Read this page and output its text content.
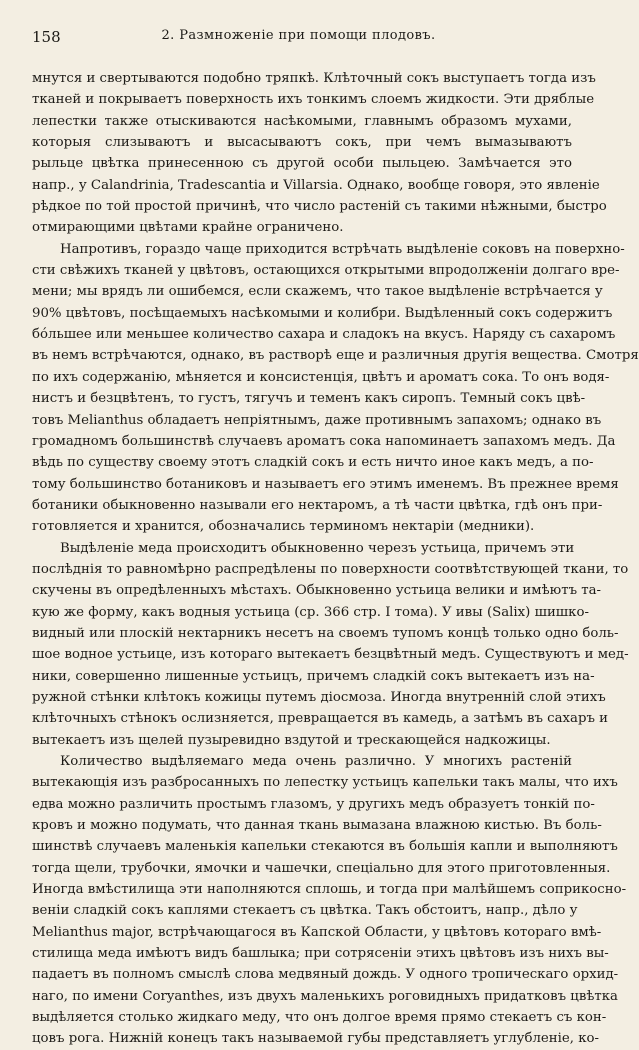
158	2. Размноженіе при помощи плодовъ.
мнутся и свертываются подобно тряпкѣ. Клѣточный сокъ выступаетъ тогда изъ
тканей и покрываетъ поверхность ихъ тонкимъ слоемъ жидкости. Эти дряблые
лепестки также отыскиваются насѣкомыми, главнымъ образомъ мухами,
которыя слизываютъ и высасываютъ сокъ, при чемъ вымазываютъ
рыльце цвѣтка принесенною съ другой особи пыльцею. Замѣчается это
напр., у Calandrinia, Tradescantia и Villarsia. Однако, вообще говоря, это явленіе
рѣдкое по той простой причинѣ, что число растеній съ такими нѣжными, быстро
отмирающими цвѣтами крайне ограничено.
Напротивъ, гораздо чаще приходится встрѣчать выдѣленіе соковъ на поверхно-
сти свѣжихъ тканей у цвѣтовъ, остающихся открытыми впродолженіи долгаго вре-
мени; мы врядъ ли ошибемся, если скажемъ, что такое выдѣленіе встрѣчается у
90% цвѣтовъ, посѣщаемыхъ насѣкомыми и колибри. Выдѣленный сокъ содержитъ
бóльшее или меньшее количество сахара и сладокъ на вкусъ. Наряду съ сахаромъ
въ немъ встрѣчаются, однако, въ растворѣ еще и различныя другія вещества. Смотря
по ихъ содержанію, мѣняется и консистенція, цвѣтъ и ароматъ сока. То онъ водя-
нистъ и безцвѣтенъ, то густъ, тягучъ и теменъ какъ сиропъ. Темный сокъ цвѣ-
товъ Melianthus обладаетъ непріятнымъ, даже противнымъ запахомъ; однако въ
громадномъ большинствѣ случаевъ ароматъ сока напоминаетъ запахомъ медъ. Да
вѣдь по существу своему этотъ сладкій сокъ и есть ничто иное какъ медъ, а по-
тому большинство ботаниковъ и называетъ его этимъ именемъ. Въ прежнее время
ботаники обыкновенно называли его нектаромъ, а тѣ части цвѣтка, гдѣ онъ при-
готовляется и хранится, обозначались терминомъ нектаріи (медники).
Выдѣленіе меда происходитъ обыкновенно черезъ устьица, причемъ эти
послѣднія то равномѣрно распредѣлены по поверхности соотвѣтствующей ткани, то
скучены въ опредѣленныхъ мѣстахъ. Обыкновенно устьица велики и имѣютъ та-
кую же форму, какъ водныя устьица (ср. 366 стр. I тома). У ивы (Salix) шишко-
видный или плоскій нектарникъ несетъ на своемъ тупомъ концѣ только одно боль-
шое водное устьице, изъ котораго вытекаетъ безцвѣтный медъ. Существуютъ и мед-
ники, совершенно лишенные устьицъ, причемъ сладкій сокъ вытекаетъ изъ на-
ружной стѣнки клѣтокъ кожицы путемъ діосмоза. Иногда внутренній слой этихъ
клѣточныхъ стѣнокъ ослизняется, превращается въ камедь, а затѣмъ въ сахаръ и
вытекаетъ изъ щелей пузыревидно вздутой и трескающейся надкожицы.
Количество выдѣляемаго меда очень различно. У многихъ растеній
вытекающія изъ разбросанныхъ по лепестку устьицъ капельки такъ малы, что ихъ
едва можно различить простымъ глазомъ, у другихъ медъ образуетъ тонкій по-
кровъ и можно подумать, что данная ткань вымазана влажною кистью. Въ боль-
шинствѣ случаевъ маленькія капельки стекаются въ большія капли и выполняютъ
тогда щели, трубочки, ямочки и чашечки, спеціально для этого приготовленныя.
Иногда вмѣстилища эти наполняются сплошь, и тогда при малѣйшемъ соприкосно-
веніи сладкій сокъ каплями стекаетъ съ цвѣтка. Такъ обстоитъ, напр., дѣло у
Melianthus major, встрѣчающагося въ Капской Области, у цвѣтовъ котораго вмѣ-
стилища меда имѣютъ видъ башлыка; при сотрясеніи этихъ цвѣтовъ изъ нихъ вы-
падаетъ въ полномъ смыслѣ слова медвяный дождь. У одного тропическаго орхид-
наго, по имени Coryanthes, изъ двухъ маленькихъ роговидныхъ придатковъ цвѣтка
выдѣляется столько жидкаго меду, что онъ долгое время прямо стекаетъ съ кон-
цовъ рога. Нижній конецъ такъ называемой губы представляетъ углубленіе, ко-
